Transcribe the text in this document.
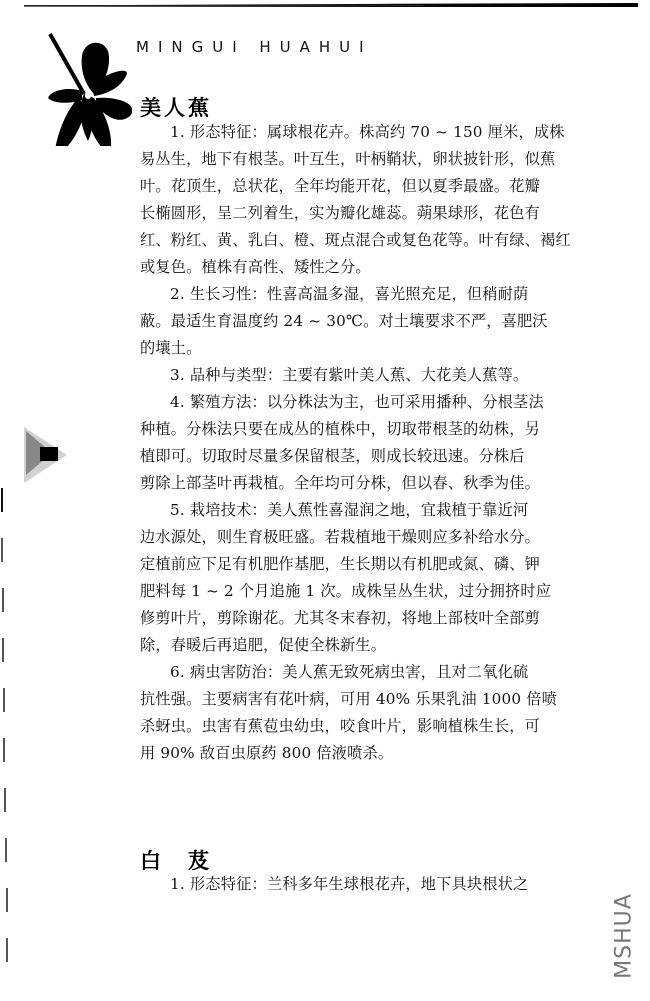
MINGUI HUAHUI
美人蕉
1. 形态特征：属球根花卉。株高约 70 ~ 150 厘米，成株
易丛生，地下有根茎。叶互生，叶柄鞘状，卵状披针形，似蕉
叶。花顶生，总状花，全年均能开花，但以夏季最盛。花瓣
长椭圆形，呈二列着生，实为瓣化雄蕊。蒴果球形，花色有
红、粉红、黄、乳白、橙、斑点混合或复色花等。叶有绿、褐红
或复色。植株有高性、矮性之分。
2. 生长习性：性喜高温多湿，喜光照充足，但稍耐荫
蔽。最适生育温度约 24 ~ 30℃。对土壤要求不严，喜肥沃
的壤土。
3. 品种与类型：主要有紫叶美人蕉、大花美人蕉等。
4. 繁殖方法：以分株法为主，也可采用播种、分根茎法
种植。分株法只要在成丛的植株中，切取带根茎的幼株，另
植即可。切取时尽量多保留根茎，则成长较迅速。分株后
剪除上部茎叶再栽植。全年均可分株，但以春、秋季为佳。
5. 栽培技术：美人蕉性喜湿润之地，宜栽植于靠近河
边水源处，则生育极旺盛。若栽植地干燥则应多补给水分。
定植前应下足有机肥作基肥，生长期以有机肥或氮、磷、钾
肥料每 1 ~ 2 个月追施 1 次。成株呈丛生状，过分拥挤时应
修剪叶片，剪除谢花。尤其冬末春初，将地上部枝叶全部剪
除，春暖后再追肥，促使全株新生。
6. 病虫害防治：美人蕉无致死病虫害，且对二氧化硫
抗性强。主要病害有花叶病，可用 40% 乐果乳油 1000 倍喷
杀蚜虫。虫害有蕉苞虫幼虫，咬食叶片，影响植株生长，可
用 90% 敌百虫原药 800 倍液喷杀。
白　芨
1. 形态特征：兰科多年生球根花卉，地下具块根状之
MSHUA
